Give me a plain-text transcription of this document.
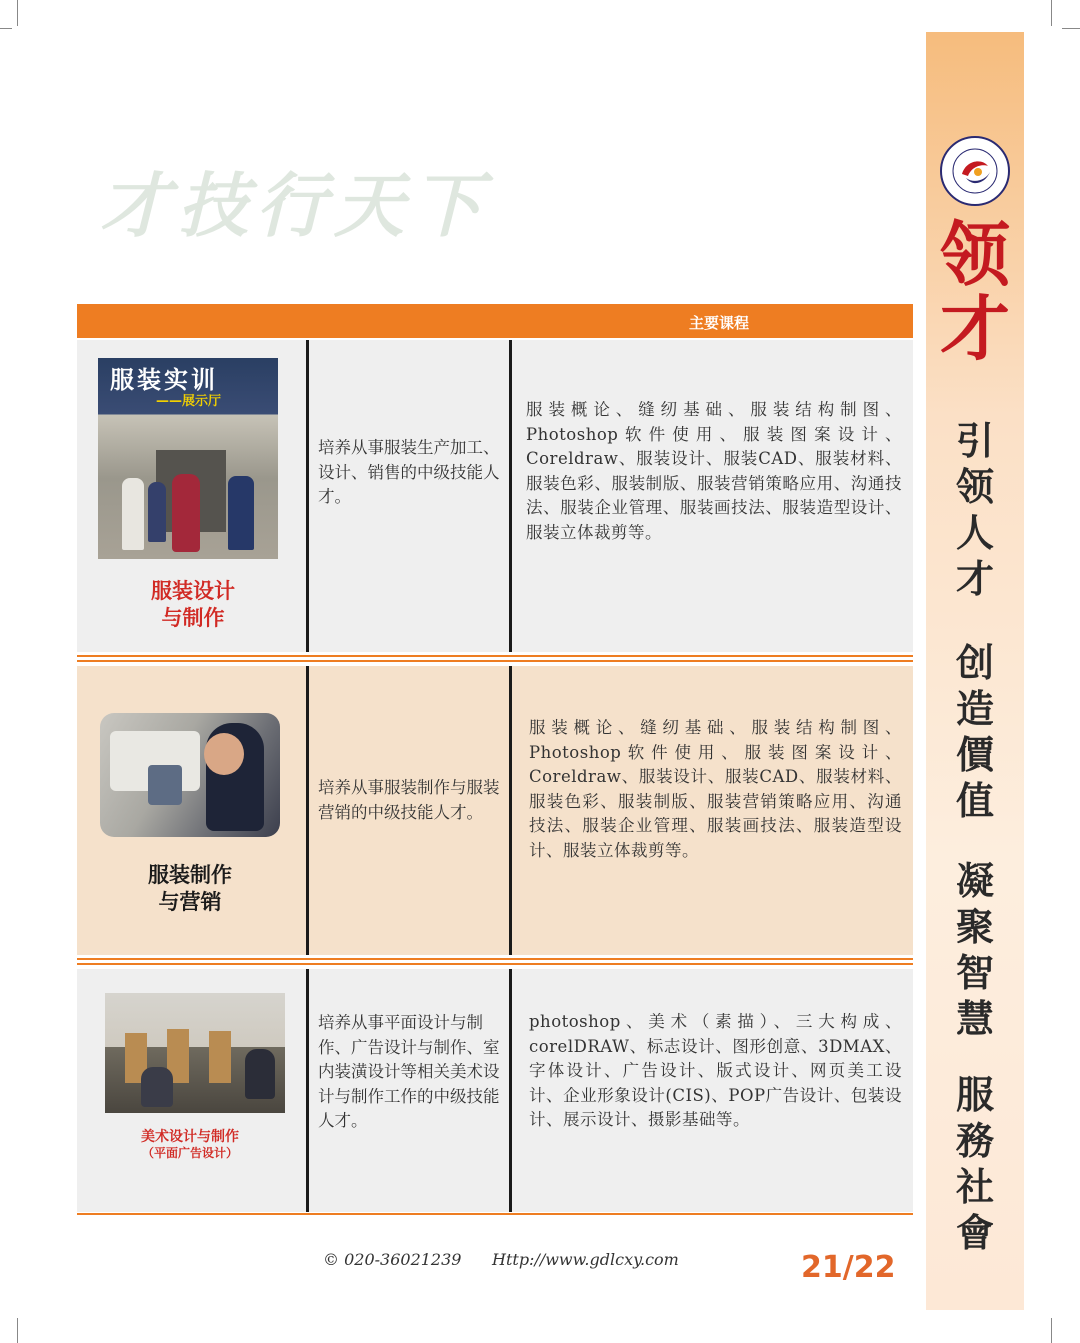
才技行天下
主要课程
服装实训
——展示厅
服装设计
与制作
培养从事服装生产加工、设计、销售的中级技能人才。
服装概论、缝纫基础、服装结构制图、Photoshop软件使用、服装图案设计、Coreldraw、服装设计、服装CAD、服装材料、服装色彩、服装制版、服装营销策略应用、沟通技法、服装企业管理、服装画技法、服装造型设计、服装立体裁剪等。
服装制作
与营销
培养从事服装制作与服装营销的中级技能人才。
服装概论、缝纫基础、服装结构制图、Photoshop软件使用、服装图案设计、Coreldraw、服装设计、服装CAD、服装材料、服装色彩、服装制版、服装营销策略应用、沟通技法、服装企业管理、服装画技法、服装造型设计、服装立体裁剪等。
美术设计与制作
（平面广告设计）
培养从事平面设计与制作、广告设计与制作、室内装潢设计等相关美术设计与制作工作的中级技能人才。
photoshop、美术（素描）、三大构成、corelDRAW、标志设计、图形创意、3DMAX、字体设计、广告设计、版式设计、网页美工设计、企业形象设计(CIS)、POP广告设计、包装设计、展示设计、摄影基础等。
© 020-36021239 Http://www.gdlcxy.com	21/22
领
才
引
领
人
才
创
造
價
值
凝
聚
智
慧
服
務
社
會
